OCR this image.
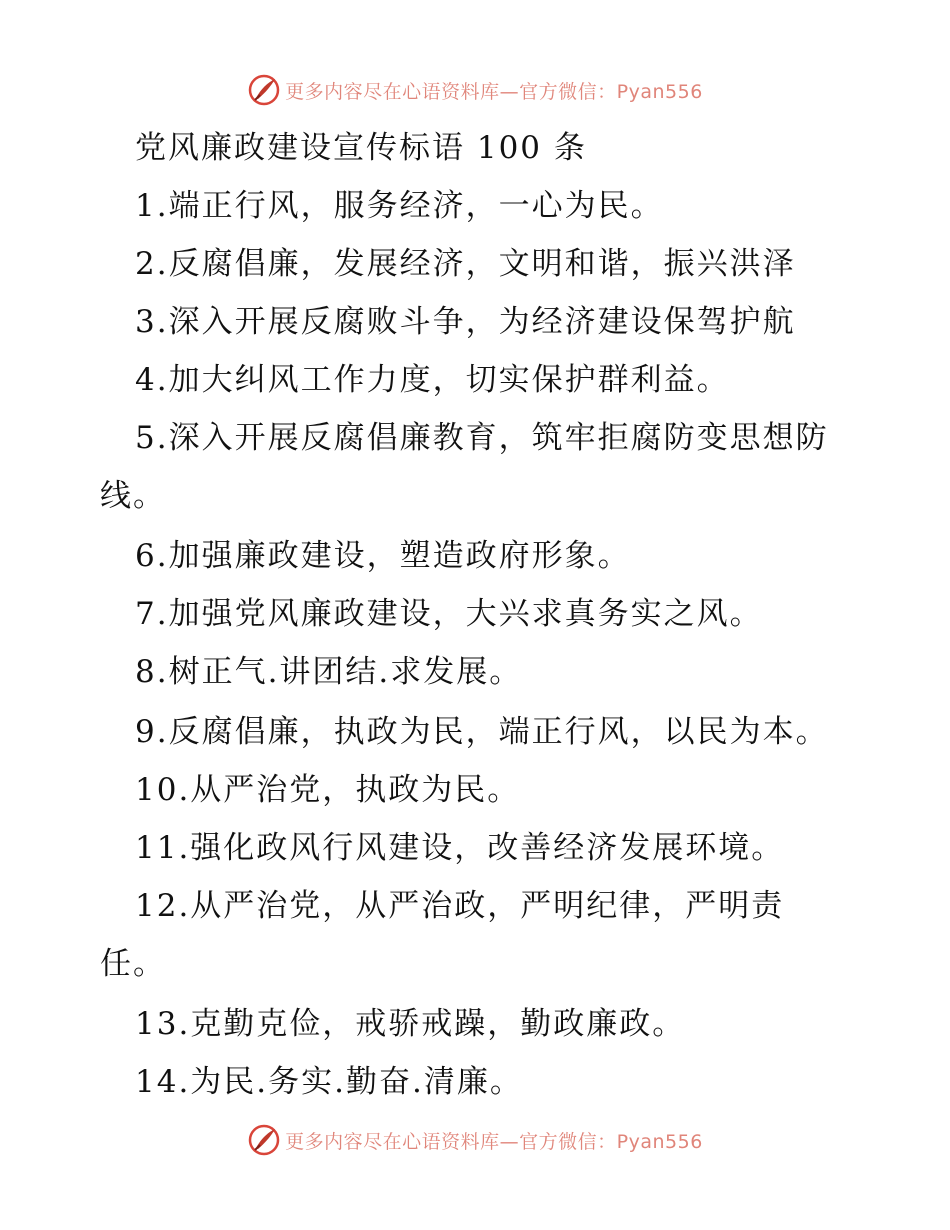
更多内容尽在心语资料库—官方微信：Pyan556
党风廉政建设宣传标语 100 条
1.端正行风，服务经济，一心为民。
2.反腐倡廉，发展经济，文明和谐，振兴洪泽
3.深入开展反腐败斗争，为经济建设保驾护航
4.加大纠风工作力度，切实保护群利益。
5.深入开展反腐倡廉教育，筑牢拒腐防变思想防
线。
6.加强廉政建设，塑造政府形象。
7.加强党风廉政建设，大兴求真务实之风。
8.树正气.讲团结.求发展。
9.反腐倡廉，执政为民，端正行风，以民为本。
10.从严治党，执政为民。
11.强化政风行风建设，改善经济发展环境。
12.从严治党，从严治政，严明纪律，严明责
任。
13.克勤克俭，戒骄戒躁，勤政廉政。
14.为民.务实.勤奋.清廉。
更多内容尽在心语资料库—官方微信：Pyan556
